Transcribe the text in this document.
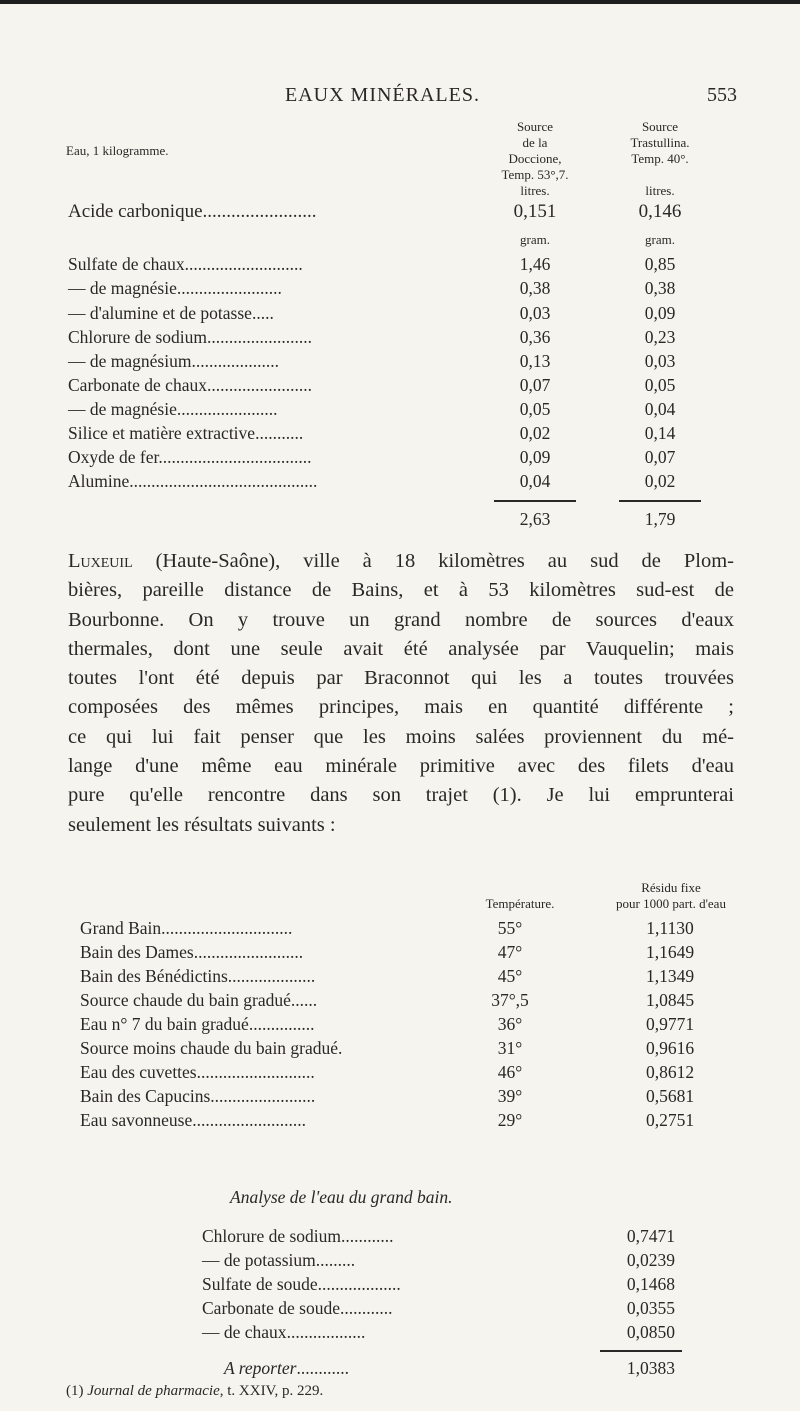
EAUX MINÉRALES.	553
Eau, 1 kilogramme.
Source
de la
Doccione,
Temp. 53°,7.
Source
Trastullina.
Temp. 40°.
litres.	litres.
Acide carbonique........................	0,151	0,146
gram.	gram.
Sulfate de chaux...........................	1,46	0,85
— de magnésie........................	0,38	0,38
— d'alumine et de potasse.....	0,03	0,09
Chlorure de sodium........................	0,36	0,23
— de magnésium....................	0,13	0,03
Carbonate de chaux........................	0,07	0,05
— de magnésie.......................	0,05	0,04
Silice et matière extractive...........	0,02	0,14
Oxyde de fer...................................	0,09	0,07
Alumine...........................................	0,04	0,02
2,63	1,79
Luxeuil (Haute-Saône), ville à 18 kilomètres au sud de Plom-
bières, pareille distance de Bains, et à 53 kilomètres sud-est de
Bourbonne. On y trouve un grand nombre de sources d'eaux
thermales, dont une seule avait été analysée par Vauquelin; mais
toutes l'ont été depuis par Braconnot qui les a toutes trouvées
composées des mêmes principes, mais en quantité différente ;
ce qui lui fait penser que les moins salées proviennent du mé-
lange d'une même eau minérale primitive avec des filets d'eau
pure qu'elle rencontre dans son trajet (1). Je lui emprunterai
seulement les résultats suivants :
Résidu fixe
pour 1000 part. d'eau
Température.
Grand Bain..............................	55°	1,1130
Bain des Dames.........................	47°	1,1649
Bain des Bénédictins....................	45°	1,1349
Source chaude du bain gradué......	37°,5	1,0845
Eau n° 7 du bain gradué...............	36°	0,9771
Source moins chaude du bain gradué.	31°	0,9616
Eau des cuvettes...........................	46°	0,8612
Bain des Capucins........................	39°	0,5681
Eau savonneuse..........................	29°	0,2751
Analyse de l'eau du grand bain.
Chlorure de sodium............	0,7471
— de potassium.........	0,0239
Sulfate de soude...................	0,1468
Carbonate de soude............	0,0355
— de chaux..................	0,0850
A reporter............	1,0383
(1) Journal de pharmacie, t. XXIV, p. 229.
